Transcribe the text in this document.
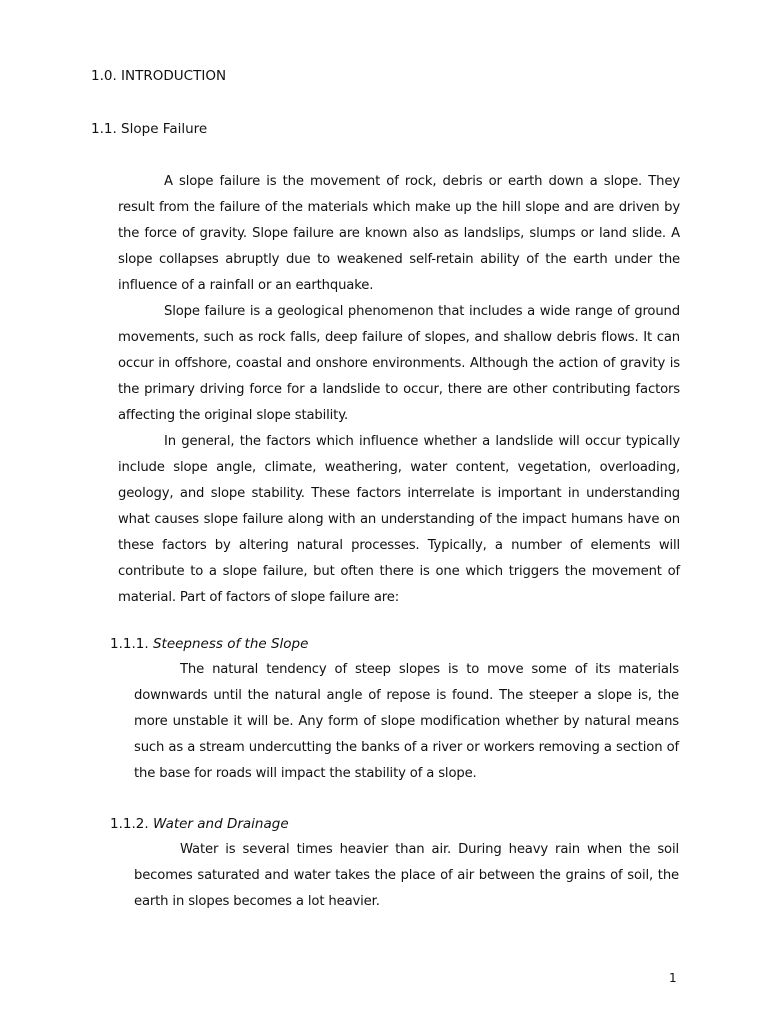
1.0. INTRODUCTION
1.1. Slope Failure

A slope failure is the movement of rock, debris or earth down a slope. They result from the failure of the materials which make up the hill slope and are driven by the force of gravity. Slope failure are known also as landslips, slumps or land slide. A slope collapses abruptly due to weakened self-retain ability of the earth under the influence of a rainfall or an earthquake.

Slope failure is a geological phenomenon that includes a wide range of ground movements, such as rock falls, deep failure of slopes, and shallow debris flows. It can occur in offshore, coastal and onshore environments. Although the action of gravity is the primary driving force for a landslide to occur, there are other contributing factors affecting the original slope stability.

In general, the factors which influence whether a landslide will occur typically include slope angle, climate, weathering, water content, vegetation, overloading, geology, and slope stability. These factors interrelate is important in understanding what causes slope failure along with an understanding of the impact humans have on these factors by altering natural processes. Typically, a number of elements will contribute to a slope failure, but often there is one which triggers the movement of material. Part of factors of slope failure are:

1.1.1. Steepness of the Slope

The natural tendency of steep slopes is to move some of its materials downwards until the natural angle of repose is found. The steeper a slope is, the more unstable it will be. Any form of slope modification whether by natural means such as a stream undercutting the banks of a river or workers removing a section of the base for roads will impact the stability of a slope.

1.1.2. Water and Drainage

Water is several times heavier than air. During heavy rain when the soil becomes saturated and water takes the place of air between the grains of soil, the earth in slopes becomes a lot heavier.

1
